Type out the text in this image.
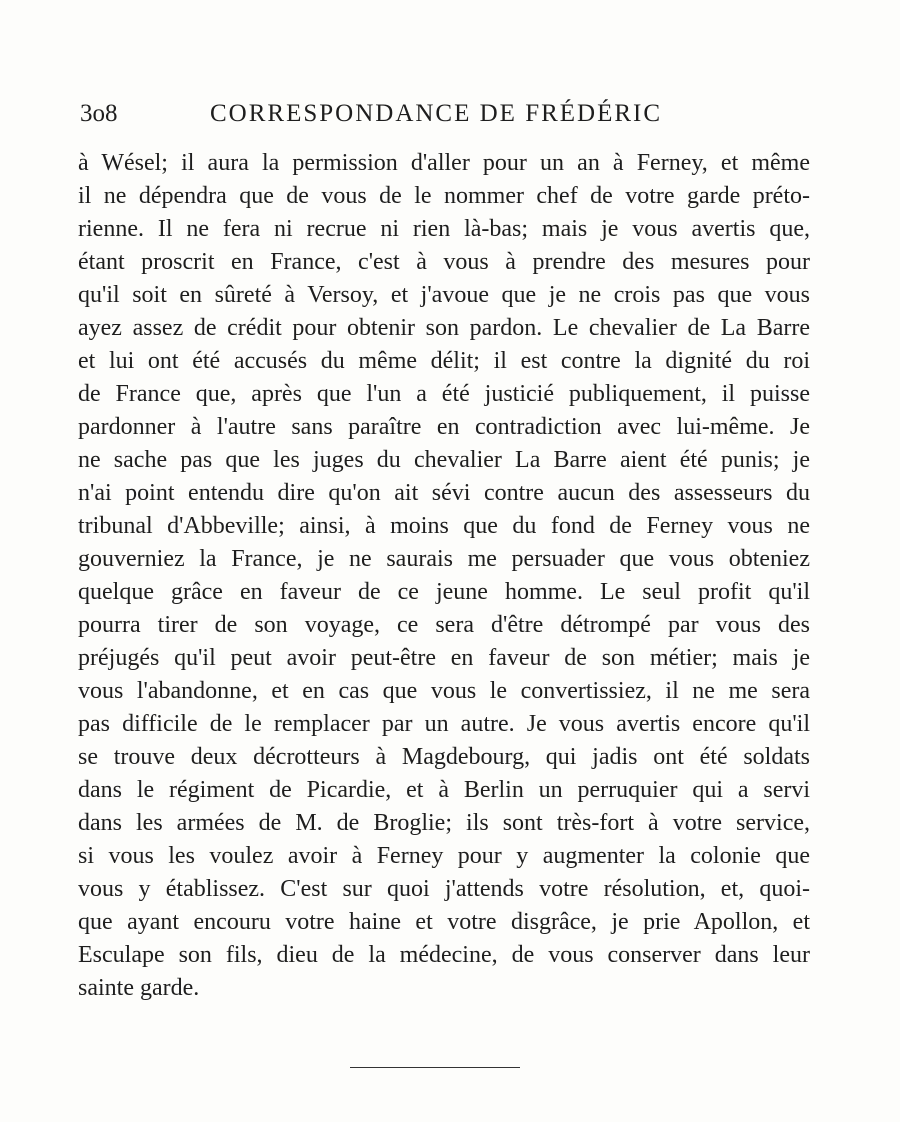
3o8	CORRESPONDANCE DE FRÉDÉRIC
à Wésel; il aura la permission d'aller pour un an à Ferney, et même
il ne dépendra que de vous de le nommer chef de votre garde préto-
rienne. Il ne fera ni recrue ni rien là-bas; mais je vous avertis que,
étant proscrit en France, c'est à vous à prendre des mesures pour
qu'il soit en sûreté à Versoy, et j'avoue que je ne crois pas que vous
ayez assez de crédit pour obtenir son pardon. Le chevalier de La Barre
et lui ont été accusés du même délit; il est contre la dignité du roi
de France que, après que l'un a été justicié publiquement, il puisse
pardonner à l'autre sans paraître en contradiction avec lui-même. Je
ne sache pas que les juges du chevalier La Barre aient été punis; je
n'ai point entendu dire qu'on ait sévi contre aucun des assesseurs du
tribunal d'Abbeville; ainsi, à moins que du fond de Ferney vous ne
gouverniez la France, je ne saurais me persuader que vous obteniez
quelque grâce en faveur de ce jeune homme. Le seul profit qu'il
pourra tirer de son voyage, ce sera d'être détrompé par vous des
préjugés qu'il peut avoir peut-être en faveur de son métier; mais je
vous l'abandonne, et en cas que vous le convertissiez, il ne me sera
pas difficile de le remplacer par un autre. Je vous avertis encore qu'il
se trouve deux décrotteurs à Magdebourg, qui jadis ont été soldats
dans le régiment de Picardie, et à Berlin un perruquier qui a servi
dans les armées de M. de Broglie; ils sont très-fort à votre service,
si vous les voulez avoir à Ferney pour y augmenter la colonie que
vous y établissez. C'est sur quoi j'attends votre résolution, et, quoi-
que ayant encouru votre haine et votre disgrâce, je prie Apollon, et
Esculape son fils, dieu de la médecine, de vous conserver dans leur
sainte garde.
